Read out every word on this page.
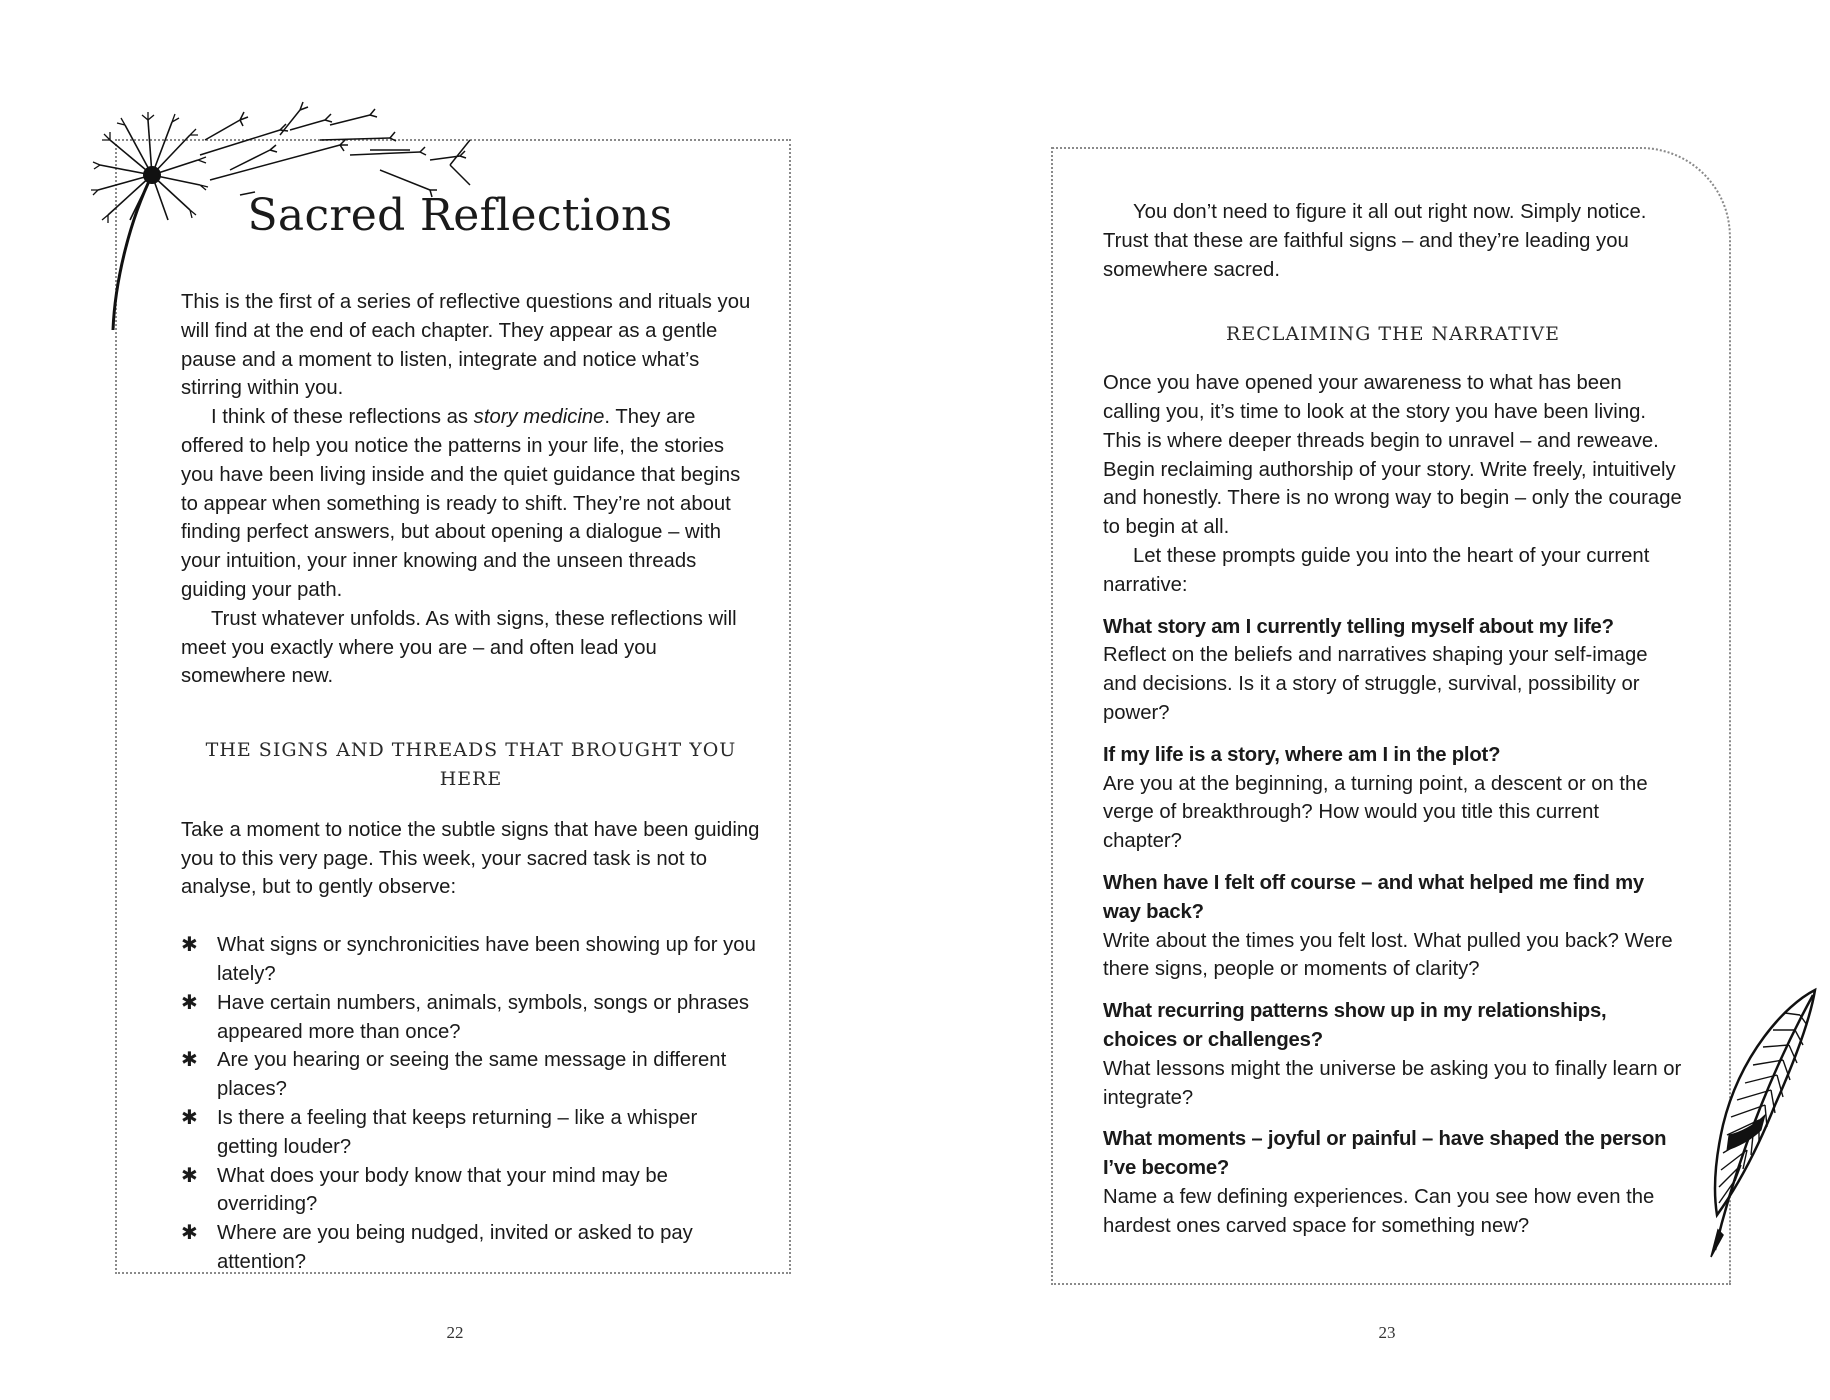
Sacred Reflections

This is the first of a series of reflective questions and rituals you will find at the end of each chapter. They appear as a gentle pause and a moment to listen, integrate and notice what’s stirring within you.

I think of these reflections as story medicine. They are offered to help you notice the patterns in your life, the stories you have been living inside and the quiet guidance that begins to appear when something is ready to shift. They’re not about finding perfect answers, but about opening a dialogue – with your intuition, your inner knowing and the unseen threads guiding your path.

Trust whatever unfolds. As with signs, these reflections will meet you exactly where you are – and often lead you somewhere new.

THE SIGNS AND THREADS THAT BROUGHT YOU HERE

Take a moment to notice the subtle signs that have been guiding you to this very page. This week, your sacred task is not to analyse, but to gently observe:

✱ What signs or synchronicities have been showing up for you lately?
✱ Have certain numbers, animals, symbols, songs or phrases appeared more than once?
✱ Are you hearing or seeing the same message in different places?
✱ Is there a feeling that keeps returning – like a whisper getting louder?
✱ What does your body know that your mind may be overriding?
✱ Where are you being nudged, invited or asked to pay attention?
22

You don’t need to figure it all out right now. Simply notice. Trust that these are faithful signs – and they’re leading you somewhere sacred.

RECLAIMING THE NARRATIVE

Once you have opened your awareness to what has been calling you, it’s time to look at the story you have been living. This is where deeper threads begin to unravel – and reweave. Begin reclaiming authorship of your story. Write freely, intuitively and honestly. There is no wrong way to begin – only the courage to begin at all.

Let these prompts guide you into the heart of your current narrative:

What story am I currently telling myself about my life?

Reflect on the beliefs and narratives shaping your self-image and decisions. Is it a story of struggle, survival, possibility or power?

If my life is a story, where am I in the plot?

Are you at the beginning, a turning point, a descent or on the verge of breakthrough? How would you title this current chapter?

When have I felt off course – and what helped me find my way back?

Write about the times you felt lost. What pulled you back? Were there signs, people or moments of clarity?

What recurring patterns show up in my relationships, choices or challenges?

What lessons might the universe be asking you to finally learn or integrate?

What moments – joyful or painful – have shaped the person I’ve become?

Name a few defining experiences. Can you see how even the hardest ones carved space for something new?

23
